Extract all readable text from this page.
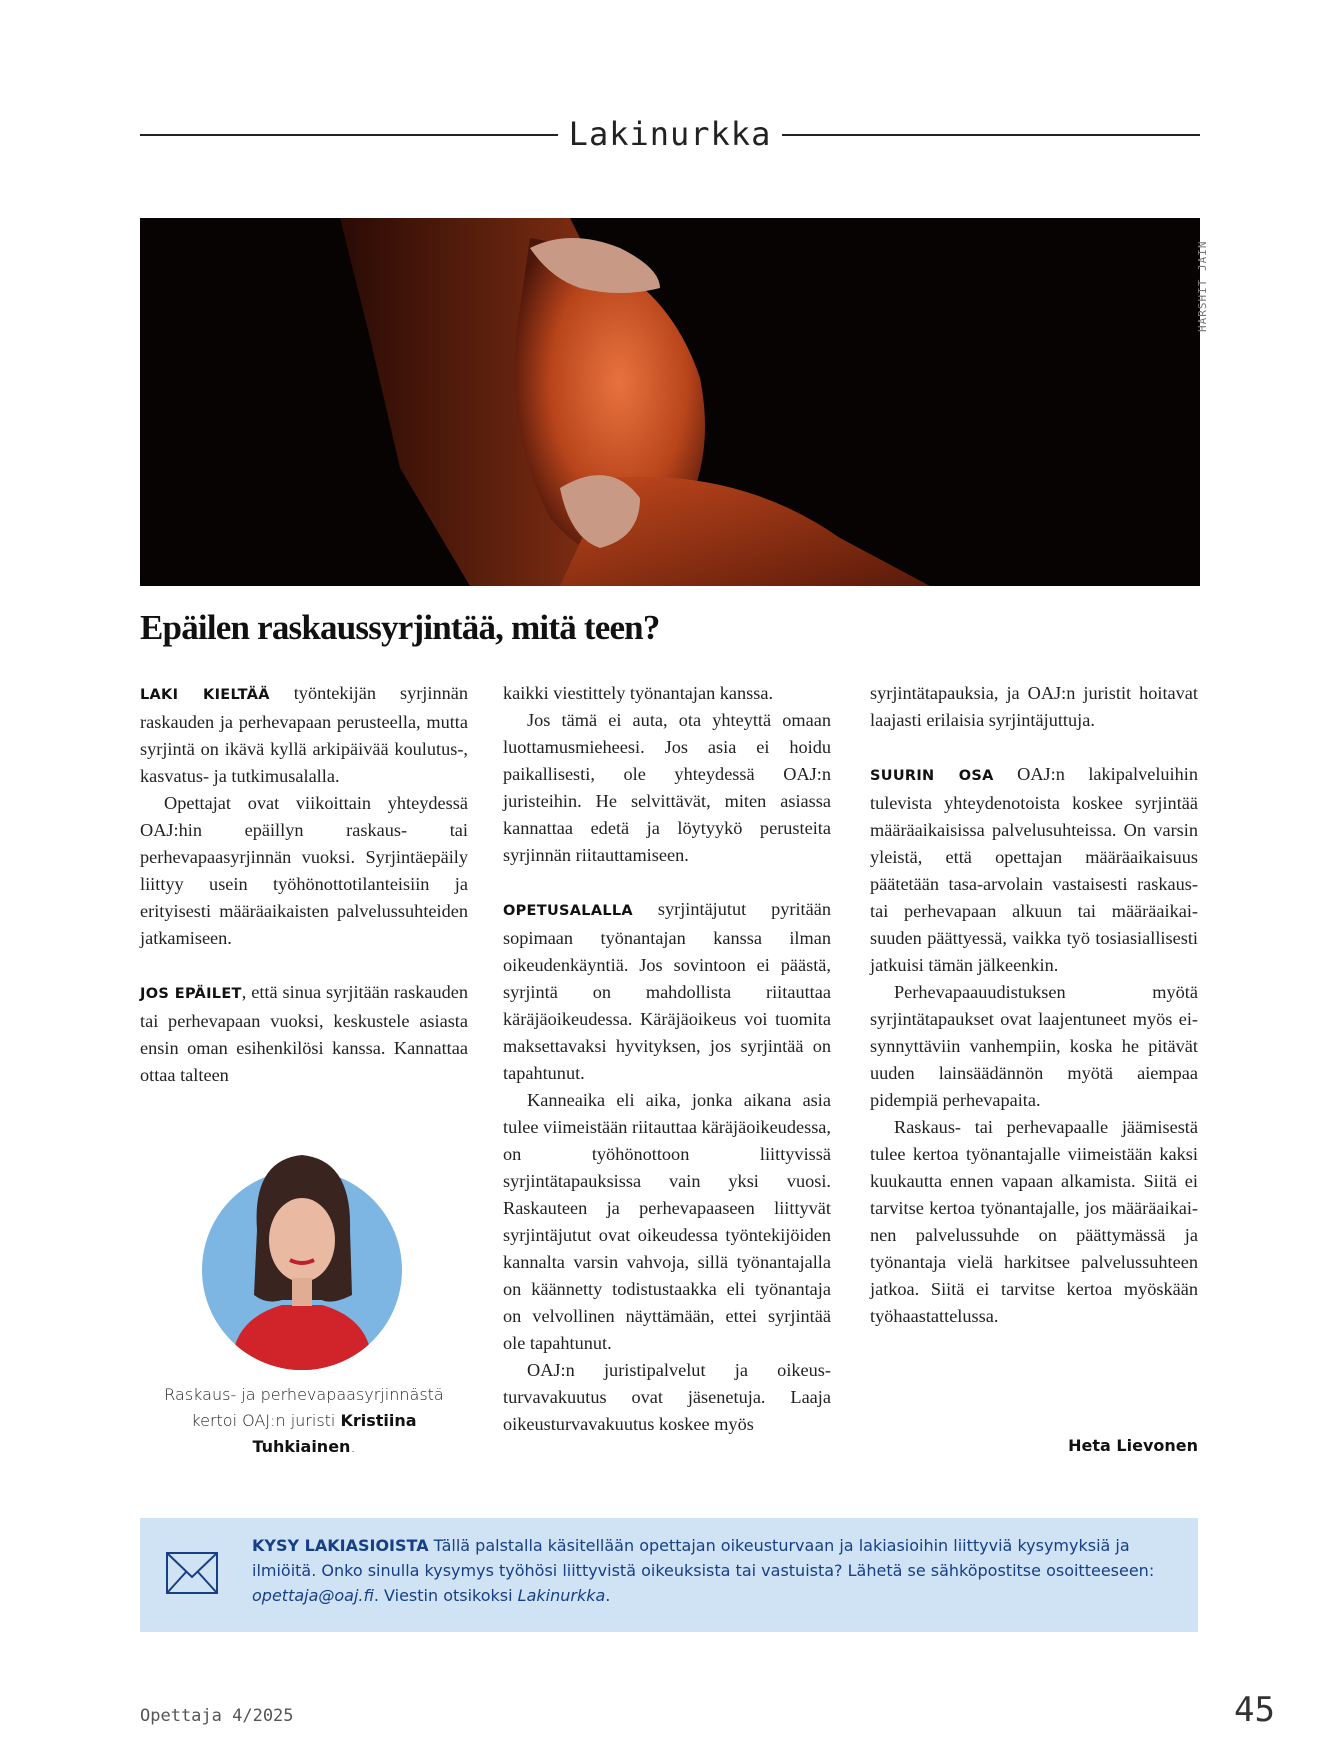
Lakinurkka
HARSHIT JAIN
Epäilen raskaussyrjintää, mitä teen?

LAKI KIELTÄÄ työntekijän syrjinnän raskauden ja perhevapaan perusteella, mutta syrjintä on ikävä kyllä arkipäivää koulutus-, kasvatus- ja tutkimusalalla.

Opettajat ovat viikoittain yhteydessä OAJ:hin epäillyn raskaus- tai perhevapaasyrjinnän vuoksi. Syrjintäepäily liittyy usein työhönottotilanteisiin ja erityisesti määräaikaisten palvelussuhteiden jatkamiseen.

JOS EPÄILET, että sinua syrjitään raskauden tai perhevapaan vuoksi, keskustele asiasta ensin oman esihenkilösi kanssa. Kannattaa ottaa talteen

Raskaus- ja perhevapaasyrjinnästä kertoi OAJ:n juristi Kristiina Tuhkiainen.

kaikki viestittely työnantajan kanssa.

Jos tämä ei auta, ota yhteyttä omaan luottamusmieheesi. Jos asia ei hoidu paikallisesti, ole yhteydessä OAJ:n juristeihin. He selvittävät, miten asiassa kannattaa edetä ja löytyykö perusteita syrjinnän riitauttamiseen.

OPETUSALALLA syrjintäjutut pyritään sopimaan työnantajan kanssa ilman oikeudenkäyntiä. Jos sovintoon ei päästä, syrjintä on mahdollista riitauttaa käräjäoikeudessa. Käräjäoikeus voi tuomita maksettavaksi hyvityksen, jos syrjintää on tapahtunut.

Kanneaika eli aika, jonka aikana asia tulee viimeistään riitauttaa käräjäoikeudessa, on työhönottoon liittyvissä syrjintätapauksissa vain yksi vuosi. Raskauteen ja perhevapaaseen liittyvät syrjintäjutut ovat oikeudessa työntekijöiden kannalta varsin vahvoja, sillä työnantajalla on käännetty todistustaakka eli työnantaja on velvollinen näyttämään, ettei syrjintää ole tapahtunut.

OAJ:n juristipalvelut ja oikeusturvavakuutus ovat jäsenetuja. Laaja oikeusturvavakuutus koskee myös

syrjintätapauksia, ja OAJ:n juristit hoitavat laajasti erilaisia syrjintäjuttuja.

SUURIN OSA OAJ:n lakipalveluihin tulevista yhteydenotoista koskee syrjintää määräaikaisissa palvelusuhteissa. On varsin yleistä, että opettajan määräaikaisuus päätetään tasa-arvolain vastaisesti raskaus- tai perhevapaan alkuun tai määräaikaisuuden päättyessä, vaikka työ tosiasiallisesti jatkuisi tämän jälkeenkin.

Perhevapaauudistuksen myötä syrjintätapaukset ovat laajentuneet myös ei-synnyttäviin vanhempiin, koska he pitävät uuden lainsäädännön myötä aiempaa pidempiä perhevapaita.

Raskaus- tai perhevapaalle jäämisestä tulee kertoa työnantajalle viimeistään kaksi kuukautta ennen vapaan alkamista. Siitä ei tarvitse kertoa työnantajalle, jos määräaikainen palvelussuhde on päättymässä ja työnantaja vielä harkitsee palvelussuhteen jatkoa. Siitä ei tarvitse kertoa myöskään työhaastattelussa.

Heta Lievonen
KYSY LAKIASIOISTA Tällä palstalla käsitellään opettajan oikeusturvaan ja lakiasioihin liittyviä kysymyksiä ja ilmiöitä. Onko sinulla kysymys työhösi liittyvistä oikeuksista tai vastuista? Lähetä se sähköpostitse osoitteeseen: opettaja@oaj.fi. Viestin otsikoksi Lakinurkka.
Opettaja 4/2025	45
